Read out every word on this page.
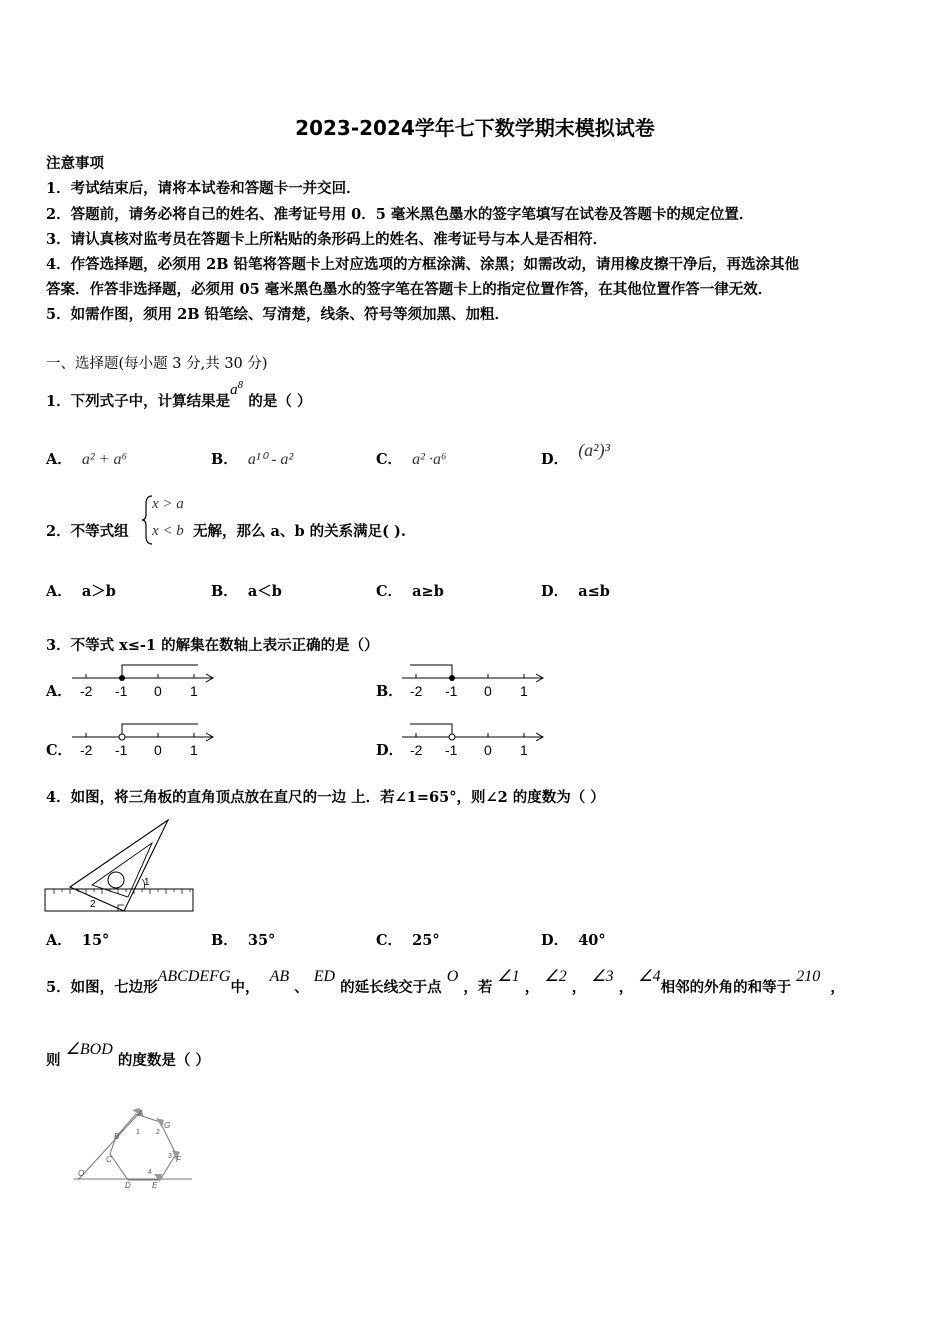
2023-2024学年七下数学期末模拟试卷
注意事项
1．考试结束后，请将本试卷和答题卡一并交回．
2．答题前，请务必将自己的姓名、准考证号用 0．5 毫米黑色墨水的签字笔填写在试卷及答题卡的规定位置．
3．请认真核对监考员在答题卡上所粘贴的条形码上的姓名、准考证号与本人是否相符．
4．作答选择题，必须用 2B 铅笔将答题卡上对应选项的方框涂满、涂黑；如需改动，请用橡皮擦干净后，再选涂其他
答案．作答非选择题，必须用 05 毫米黑色墨水的签字笔在答题卡上的指定位置作答，在其他位置作答一律无效．
5．如需作图，须用 2B 铅笔绘、写清楚，线条、符号等须加黑、加粗．
一、选择题(每小题 3 分,共 30 分)
1．下列式子中，计算结果是$a^8$ 的是（ ）
A． a² + a⁶	B． a¹⁰ - a²	C． a² ·a⁶	D． (a²)³
2．不等式组
x > a
x < b 无解，那么 a、b 的关系满足( ).
A． a＞b	B． a＜b	C． a≥b	D． a≤b
3．不等式 x≤-1 的解集在数轴上表示正确的是（）
A．	B．
C．	D．
-2 -1 0 1	-2 -1 0 1
-2 -1 0 1	-2 -1 0 1
4．如图，将三角板的直角顶点放在直尺的一边 上．若∠1=65°，则∠2 的度数为（ ）
1
2
A． 15°	B． 35°	C． 25°	D． 40°
5．如图，七边形ABCDEFG中，  AB 、 ED 的延长线交于点 O ，若 ∠1 ， ∠2 ， ∠3 ， ∠4相邻的外角的和等于 210  ，
则 ∠BOD 的度数是（ ）
A
G
B
C
O
D	E
F
1 2
3
4
